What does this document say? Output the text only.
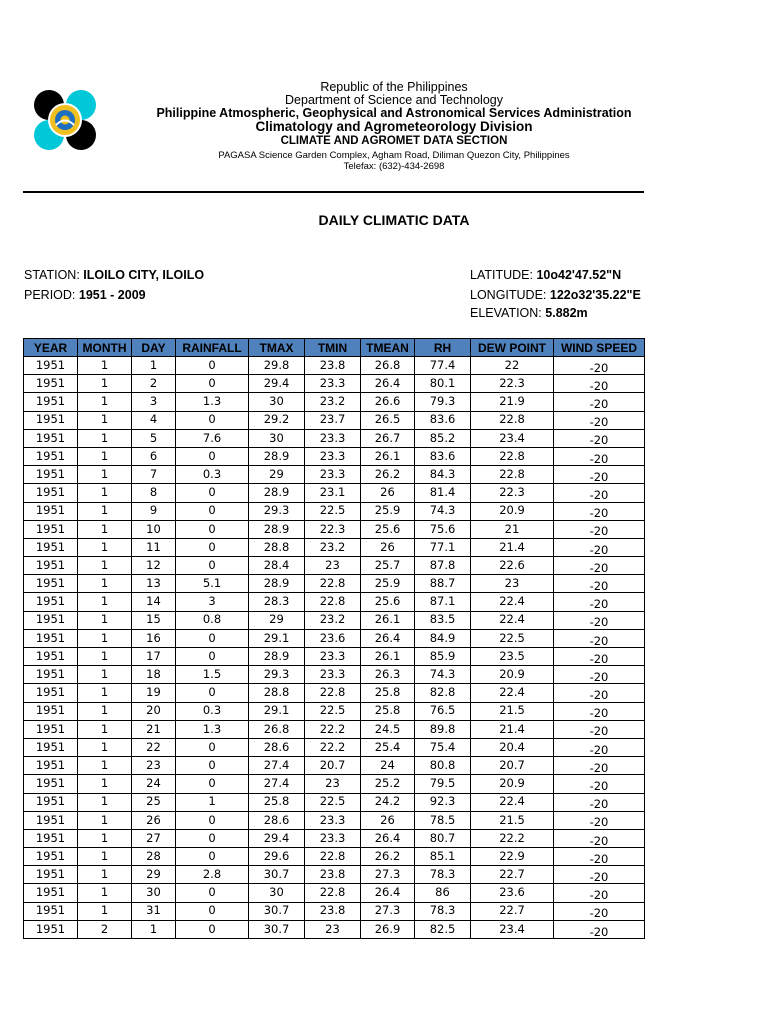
Republic of the Philippines
Department of Science and Technology
Philippine Atmospheric, Geophysical and Astronomical Services Administration
Climatology and Agrometeorology Division
CLIMATE AND AGROMET DATA SECTION
PAGASA Science Garden Complex, Agham Road, Diliman Quezon City, Philippines
Telefax: (632)-434-2698
DAILY CLIMATIC DATA
STATION: ILOILO CITY, ILOILO
PERIOD: 1951 - 2009
LATITUDE: 10o42'47.52"N
LONGITUDE: 122o32'35.22"E
ELEVATION: 5.882m
YEAR	MONTH	DAY	RAINFALL	TMAX	TMIN	TMEAN	RH	DEW POINT	WIND SPEED
1951	1	1	0	29.8	23.8	26.8	77.4	22	-20
1951	1	2	0	29.4	23.3	26.4	80.1	22.3	-20
1951	1	3	1.3	30	23.2	26.6	79.3	21.9	-20
1951	1	4	0	29.2	23.7	26.5	83.6	22.8	-20
1951	1	5	7.6	30	23.3	26.7	85.2	23.4	-20
1951	1	6	0	28.9	23.3	26.1	83.6	22.8	-20
1951	1	7	0.3	29	23.3	26.2	84.3	22.8	-20
1951	1	8	0	28.9	23.1	26	81.4	22.3	-20
1951	1	9	0	29.3	22.5	25.9	74.3	20.9	-20
1951	1	10	0	28.9	22.3	25.6	75.6	21	-20
1951	1	11	0	28.8	23.2	26	77.1	21.4	-20
1951	1	12	0	28.4	23	25.7	87.8	22.6	-20
1951	1	13	5.1	28.9	22.8	25.9	88.7	23	-20
1951	1	14	3	28.3	22.8	25.6	87.1	22.4	-20
1951	1	15	0.8	29	23.2	26.1	83.5	22.4	-20
1951	1	16	0	29.1	23.6	26.4	84.9	22.5	-20
1951	1	17	0	28.9	23.3	26.1	85.9	23.5	-20
1951	1	18	1.5	29.3	23.3	26.3	74.3	20.9	-20
1951	1	19	0	28.8	22.8	25.8	82.8	22.4	-20
1951	1	20	0.3	29.1	22.5	25.8	76.5	21.5	-20
1951	1	21	1.3	26.8	22.2	24.5	89.8	21.4	-20
1951	1	22	0	28.6	22.2	25.4	75.4	20.4	-20
1951	1	23	0	27.4	20.7	24	80.8	20.7	-20
1951	1	24	0	27.4	23	25.2	79.5	20.9	-20
1951	1	25	1	25.8	22.5	24.2	92.3	22.4	-20
1951	1	26	0	28.6	23.3	26	78.5	21.5	-20
1951	1	27	0	29.4	23.3	26.4	80.7	22.2	-20
1951	1	28	0	29.6	22.8	26.2	85.1	22.9	-20
1951	1	29	2.8	30.7	23.8	27.3	78.3	22.7	-20
1951	1	30	0	30	22.8	26.4	86	23.6	-20
1951	1	31	0	30.7	23.8	27.3	78.3	22.7	-20
1951	2	1	0	30.7	23	26.9	82.5	23.4	-20
